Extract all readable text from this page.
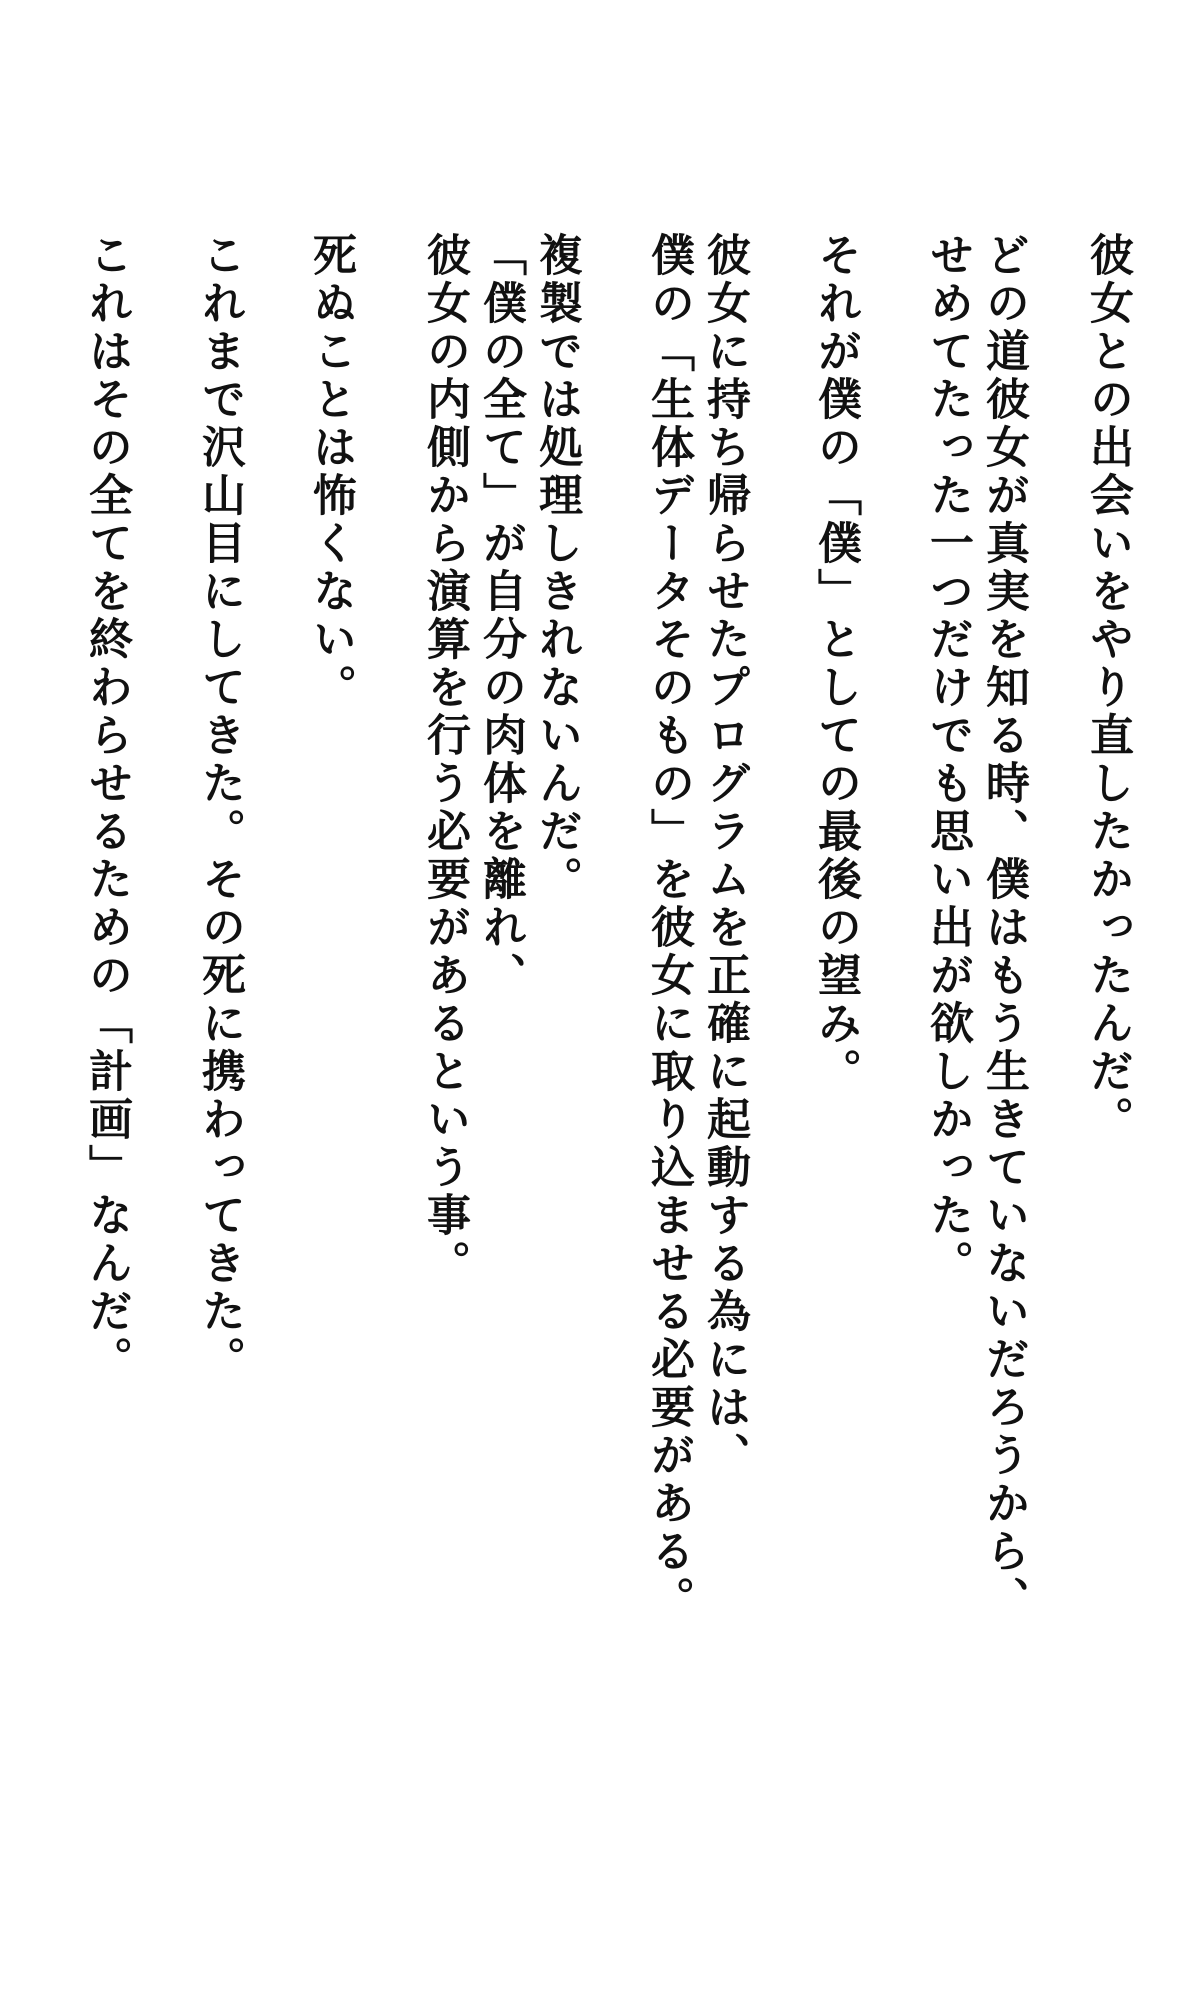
彼女との出会いをやり直したかったんだ。

どの道彼女が真実を知る時、僕はもう生きていないだろうから、

せめてたった一つだけでも思い出が欲しかった。

それが僕の「僕」としての最後の望み。

彼女に持ち帰らせたプログラムを正確に起動する為には、

僕の「生体データそのもの」を彼女に取り込ませる必要がある。

複製では処理しきれないんだ。

「僕の全て」が自分の肉体を離れ、

彼女の内側から演算を行う必要があるという事。

死ぬことは怖くない。

これまで沢山目にしてきた。その死に携わってきた。

これはその全てを終わらせるための「計画」なんだ。
